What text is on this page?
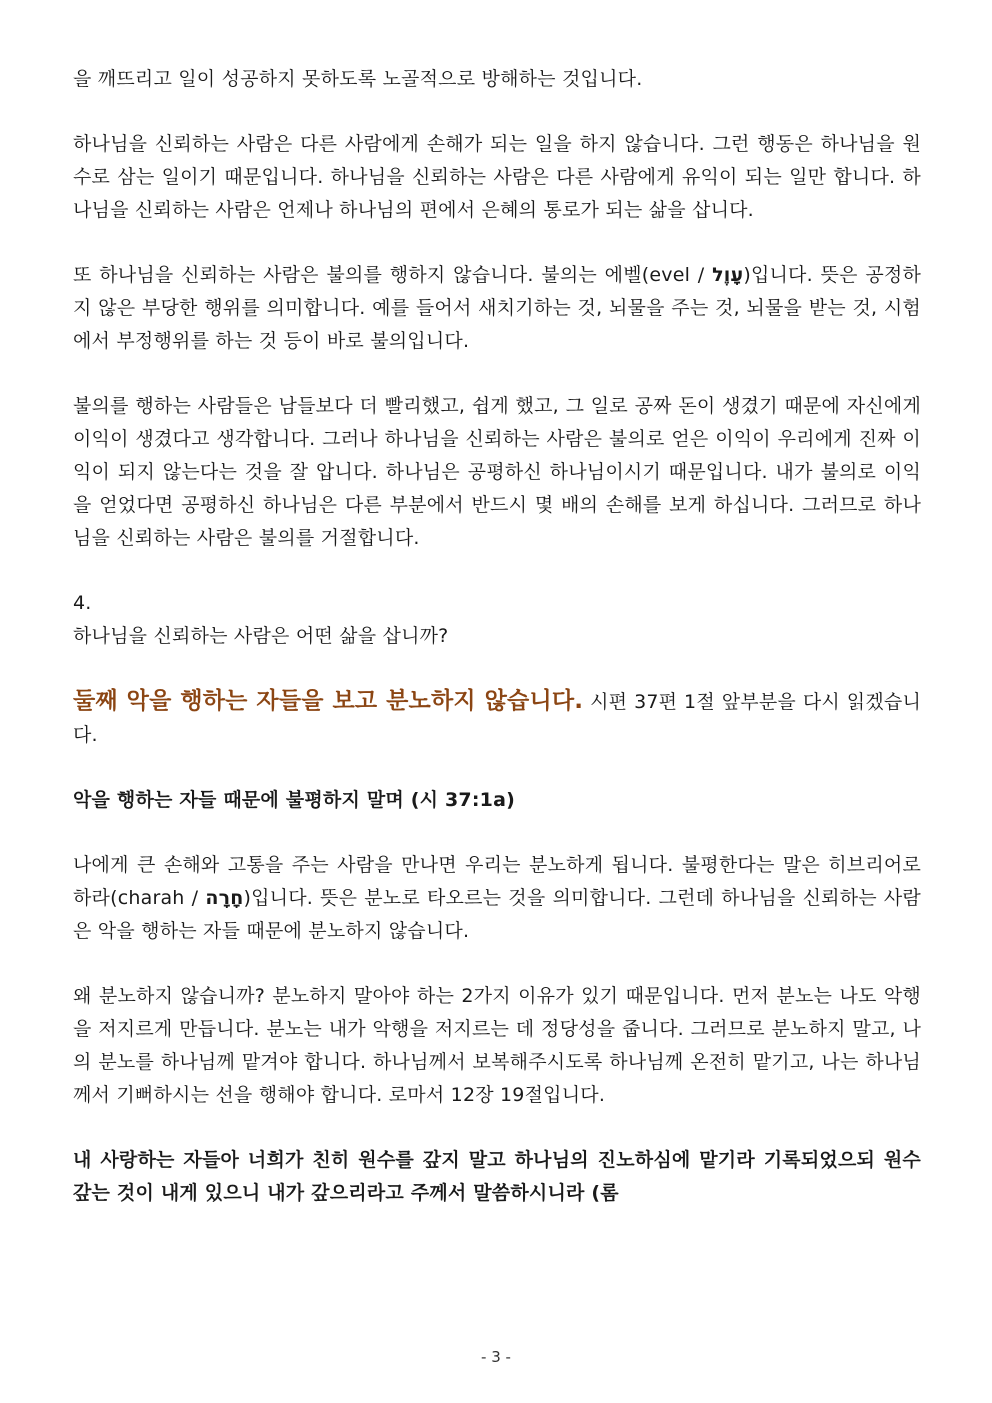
을 깨뜨리고 일이 성공하지 못하도록 노골적으로 방해하는 것입니다.

하나님을 신뢰하는 사람은 다른 사람에게 손해가 되는 일을 하지 않습니다. 그런 행동은 하나님을 원수로 삼는 일이기 때문입니다. 하나님을 신뢰하는 사람은 다른 사람에게 유익이 되는 일만 합니다. 하나님을 신뢰하는 사람은 언제나 하나님의 편에서 은혜의 통로가 되는 삶을 삽니다.

또 하나님을 신뢰하는 사람은 불의를 행하지 않습니다. 불의는 에벨(evel / עָוֶל)입니다. 뜻은 공정하지 않은 부당한 행위를 의미합니다. 예를 들어서 새치기하는 것, 뇌물을 주는 것, 뇌물을 받는 것, 시험에서 부정행위를 하는 것 등이 바로 불의입니다.

불의를 행하는 사람들은 남들보다 더 빨리했고, 쉽게 했고, 그 일로 공짜 돈이 생겼기 때문에 자신에게 이익이 생겼다고 생각합니다. 그러나 하나님을 신뢰하는 사람은 불의로 얻은 이익이 우리에게 진짜 이익이 되지 않는다는 것을 잘 압니다. 하나님은 공평하신 하나님이시기 때문입니다. 내가 불의로 이익을 얻었다면 공평하신 하나님은 다른 부분에서 반드시 몇 배의 손해를 보게 하십니다. 그러므로 하나님을 신뢰하는 사람은 불의를 거절합니다.

4.

하나님을 신뢰하는 사람은 어떤 삶을 삽니까?

둘째 악을 행하는 자들을 보고 분노하지 않습니다. 시편 37편 1절 앞부분을 다시 읽겠습니다.

악을 행하는 자들 때문에 불평하지 말며 (시 37:1a)

나에게 큰 손해와 고통을 주는 사람을 만나면 우리는 분노하게 됩니다. 불평한다는 말은 히브리어로 하라(charah / חָרָה)입니다. 뜻은 분노로 타오르는 것을 의미합니다. 그런데 하나님을 신뢰하는 사람은 악을 행하는 자들 때문에 분노하지 않습니다.

왜 분노하지 않습니까? 분노하지 말아야 하는 2가지 이유가 있기 때문입니다. 먼저 분노는 나도 악행을 저지르게 만듭니다. 분노는 내가 악행을 저지르는 데 정당성을 줍니다. 그러므로 분노하지 말고, 나의 분노를 하나님께 맡겨야 합니다. 하나님께서 보복해주시도록 하나님께 온전히 맡기고, 나는 하나님께서 기뻐하시는 선을 행해야 합니다. 로마서 12장 19절입니다.

내 사랑하는 자들아 너희가 친히 원수를 갚지 말고 하나님의 진노하심에 맡기라 기록되었으되 원수 갚는 것이 내게 있으니 내가 갚으리라고 주께서 말씀하시니라 (롬

- 3 -
